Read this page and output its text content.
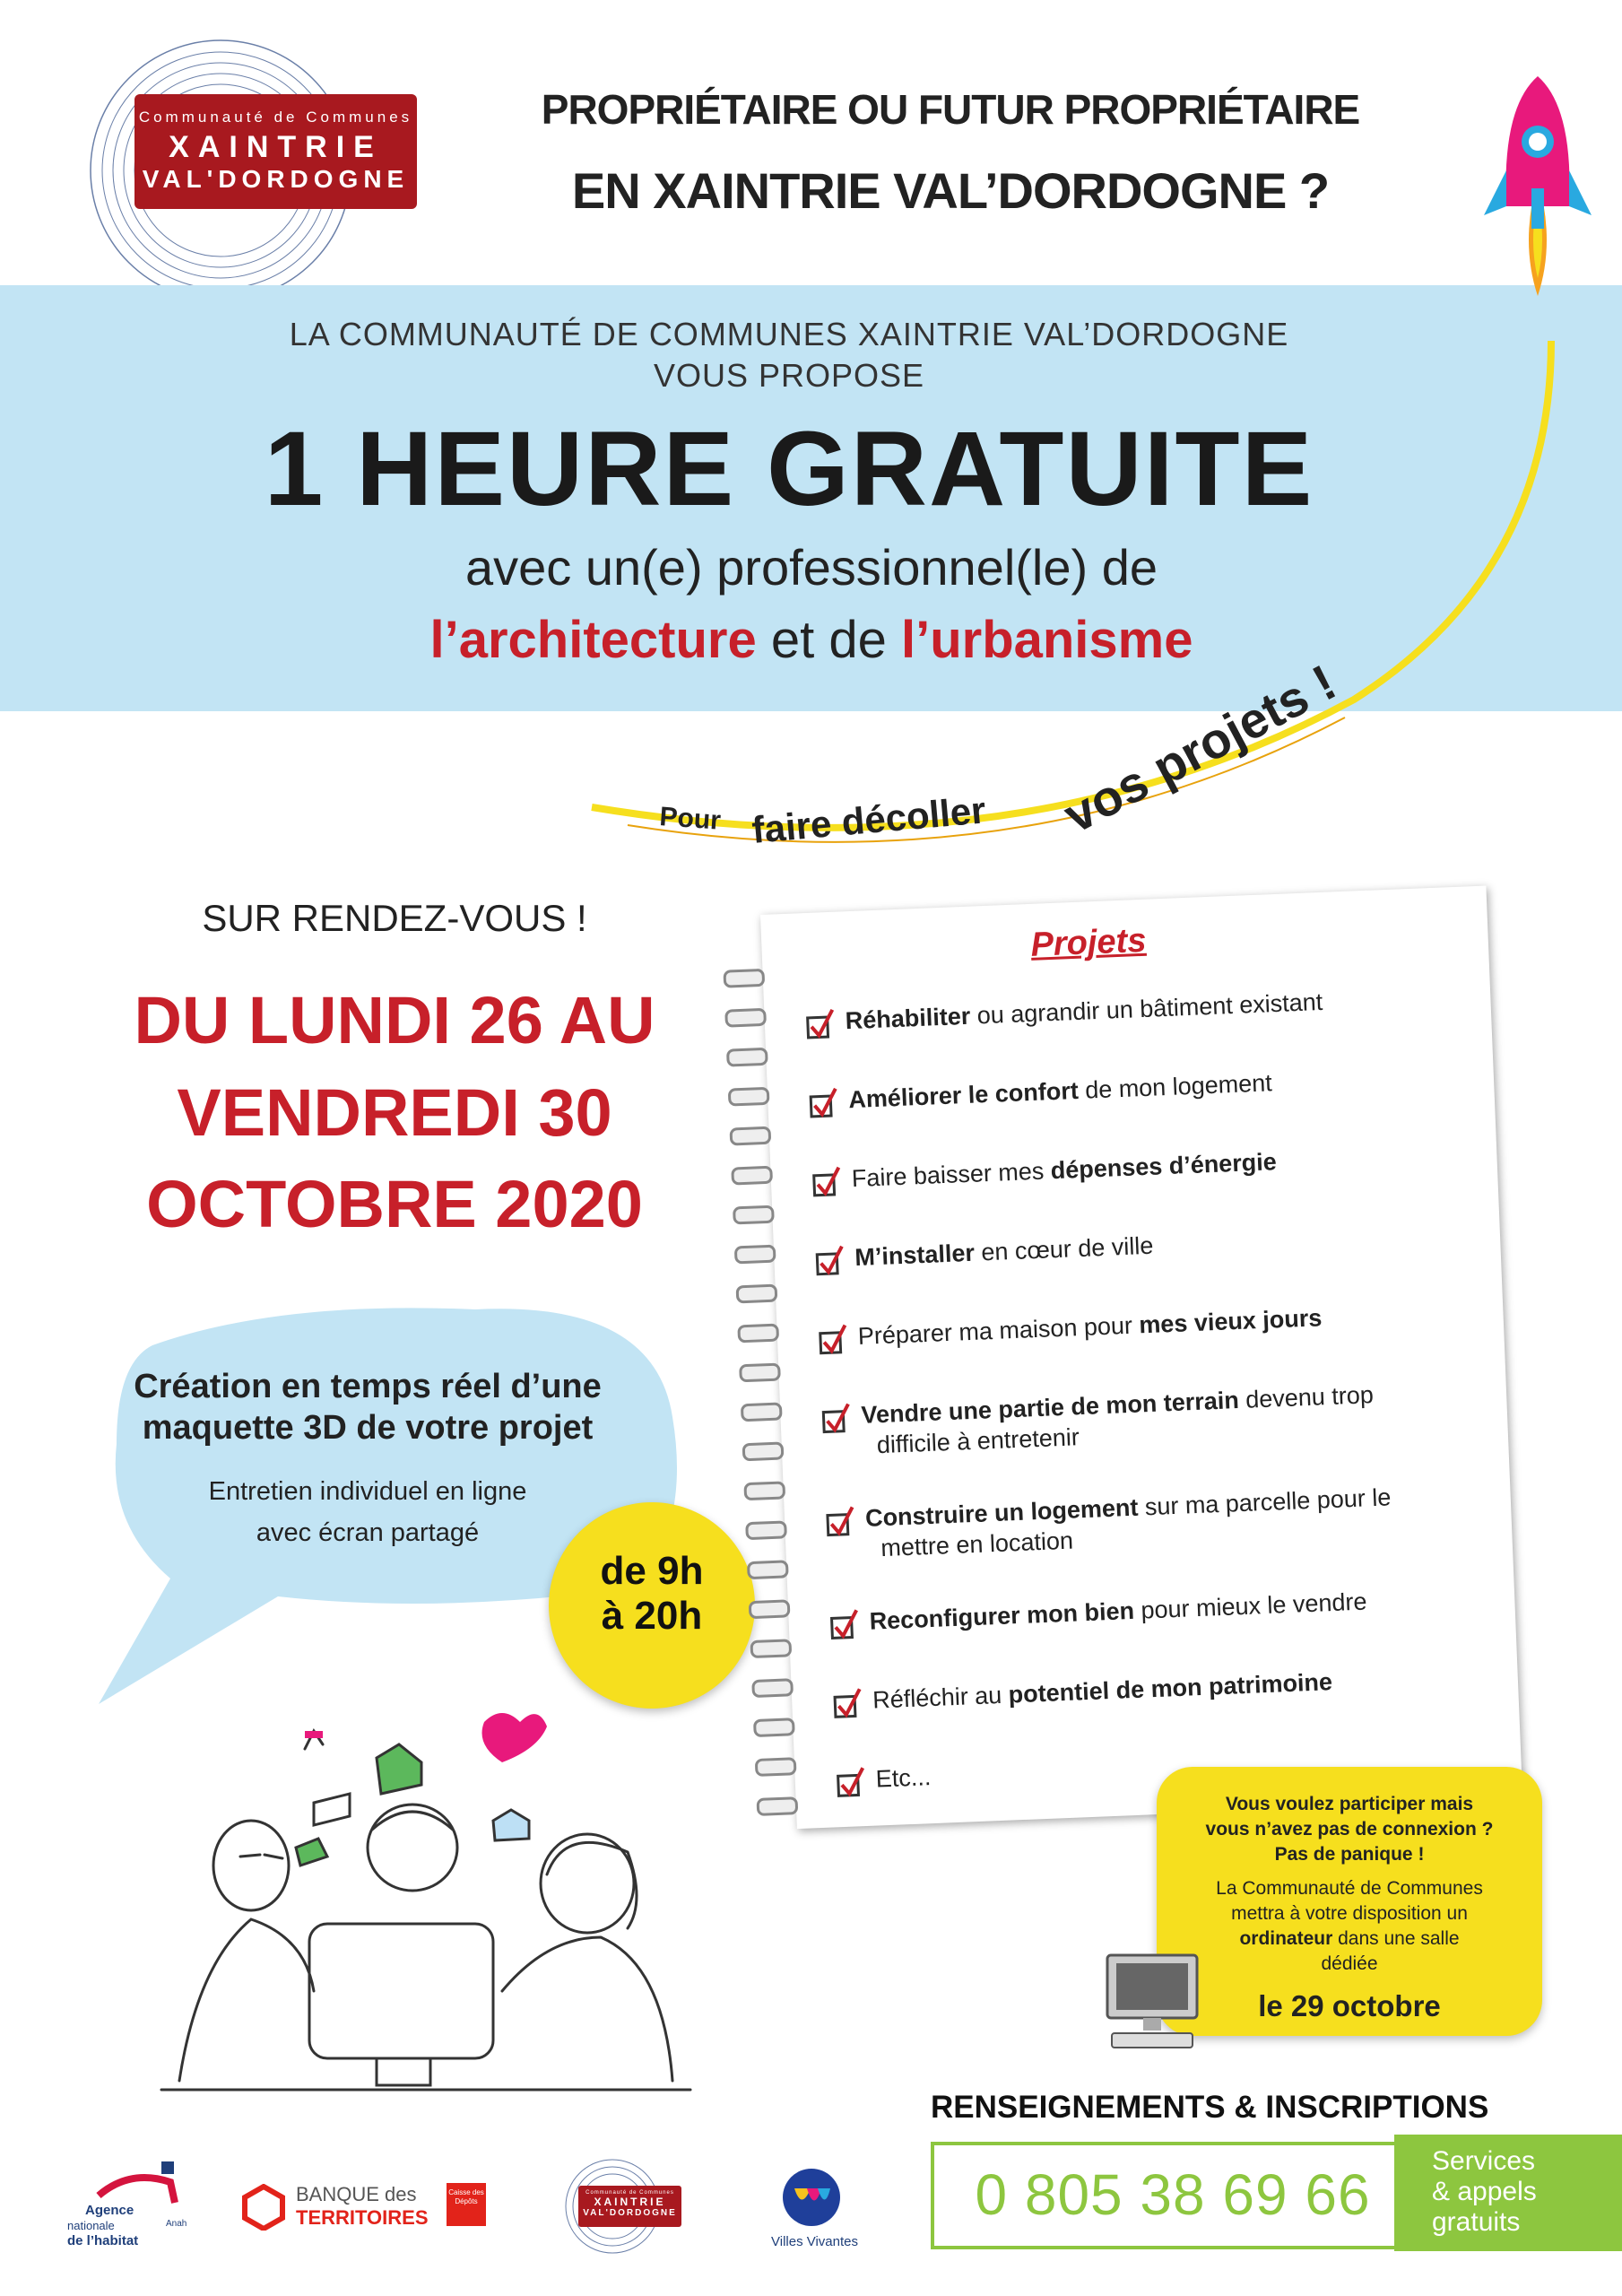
Communauté de Communes
XAINTRIE
VAL'DORDOGNE
PROPRIÉTAIRE OU FUTUR PROPRIÉTAIRE
EN XAINTRIE VAL’DORDOGNE ?
LA COMMUNAUTÉ DE COMMUNES XAINTRIE VAL’DORDOGNE
VOUS PROPOSE
1 HEURE GRATUITE
avec un(e) professionnel(le) de
l’architecture et de l’urbanisme
Pour faire décoller vos projets !
SUR RENDEZ-VOUS !
DU LUNDI 26 AU
VENDREDI 30
OCTOBRE 2020
Création en temps réel d’une
maquette 3D de votre projet
Entretien individuel en ligne
avec écran partagé
de 9h
à 20h
Projets
Réhabiliter ou agrandir un bâtiment existant
Améliorer le confort de mon logement
Faire baisser mes dépenses d’énergie
M’installer en cœur de ville
Préparer ma maison pour mes vieux jours
Vendre une partie de mon terrain devenu trop
difficile à entretenir
Construire un logement sur ma parcelle pour le
mettre en location
Reconfigurer mon bien pour mieux le vendre
Réfléchir au potentiel de mon patrimoine
Etc...
Vous voulez participer mais
vous n’avez pas de connexion ?
Pas de panique !
La Communauté de Communes
mettra à votre disposition un
ordinateur dans une salle
dédiée
le 29 octobre
RENSEIGNEMENTS & INSCRIPTIONS
0 805 38 69 66
Services
& appels
gratuits
Agence
nationale
de l’habitat
Anah
BANQUE des
TERRITOIRES
Caisse des Dépôts
Communauté de Communes
XAINTRIE
VAL'DORDOGNE
Villes Vivantes
